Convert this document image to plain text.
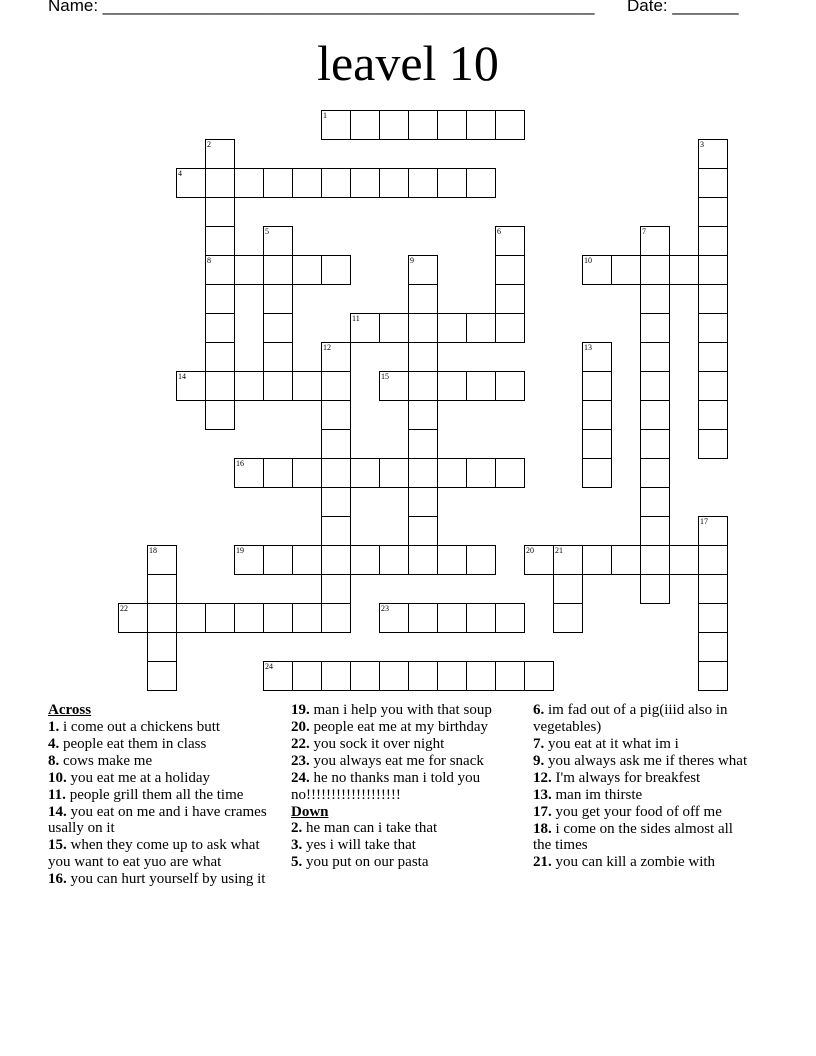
Name: ____________________________________________________ Date: _______
leavel 10
1
4
8	10
11
14	15
16
19	20	21
22	23
24
2	3
5	6	7
9
12	13
17
18
Across
1. i come out a chickens butt
4. people eat them in class
8. cows make me
10. you eat me at a holiday
11. people grill them all the time
14. you eat on me and i have crames usally on it
15. when they come up to ask what you want to eat yuo are what
16. you can hurt yourself by using it
19. man i help you with that soup
20. people eat me at my birthday
22. you sock it over night
23. you always eat me for snack
24. he no thanks man i told you no!!!!!!!!!!!!!!!!!!!
Down
2. he man can i take that
3. yes i will take that
5. you put on our pasta
6. im fad out of a pig(iiid also in vegetables)
7. you eat at it what im i
9. you always ask me if theres what
12. I'm always for breakfest
13. man im thirste
17. you get your food of off me
18. i come on the sides almost all the times
21. you can kill a zombie with
